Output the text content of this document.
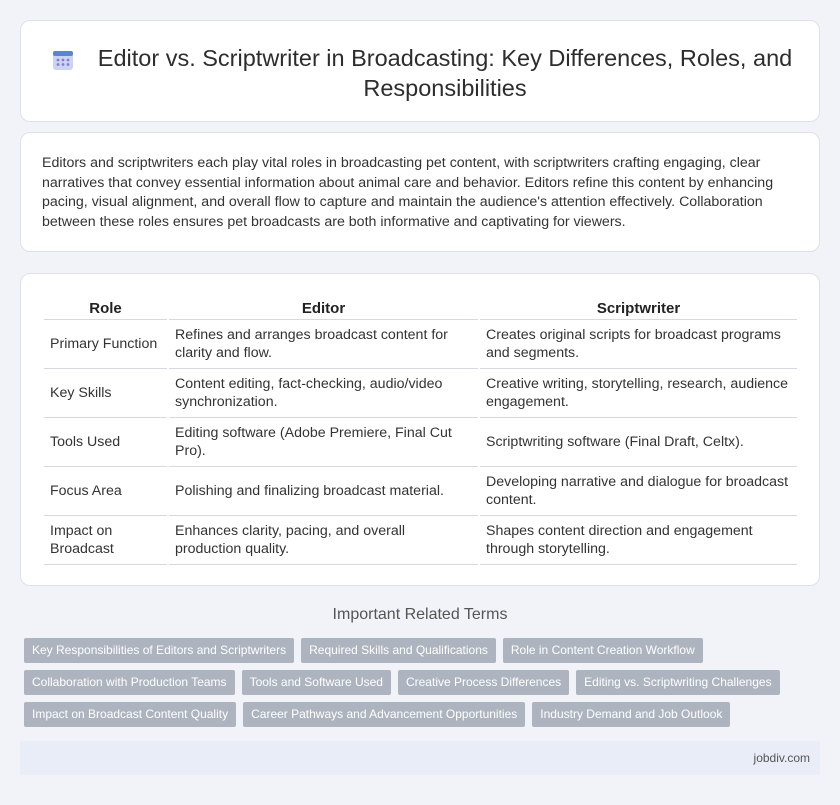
Editor vs. Scriptwriter in Broadcasting: Key Differences, Roles, and Responsibilities

Editors and scriptwriters each play vital roles in broadcasting pet content, with scriptwriters crafting engaging, clear narratives that convey essential information about animal care and behavior. Editors refine this content by enhancing pacing, visual alignment, and overall flow to capture and maintain the audience's attention effectively. Collaboration between these roles ensures pet broadcasts are both informative and captivating for viewers.

Role	Editor	Scriptwriter
Primary Function	Refines and arranges broadcast content for clarity and flow.	Creates original scripts for broadcast programs and segments.
Key Skills	Content editing, fact-checking, audio/video synchronization.	Creative writing, storytelling, research, audience engagement.
Tools Used	Editing software (Adobe Premiere, Final Cut Pro).	Scriptwriting software (Final Draft, Celtx).
Focus Area	Polishing and finalizing broadcast material.	Developing narrative and dialogue for broadcast content.
Impact on Broadcast	Enhances clarity, pacing, and overall production quality.	Shapes content direction and engagement through storytelling.
Important Related Terms
Key Responsibilities of Editors and Scriptwriters	Required Skills and Qualifications	Role in Content Creation Workflow
Collaboration with Production Teams	Tools and Software Used	Creative Process Differences	Editing vs. Scriptwriting Challenges
Impact on Broadcast Content Quality	Career Pathways and Advancement Opportunities	Industry Demand and Job Outlook
jobdiv.com
